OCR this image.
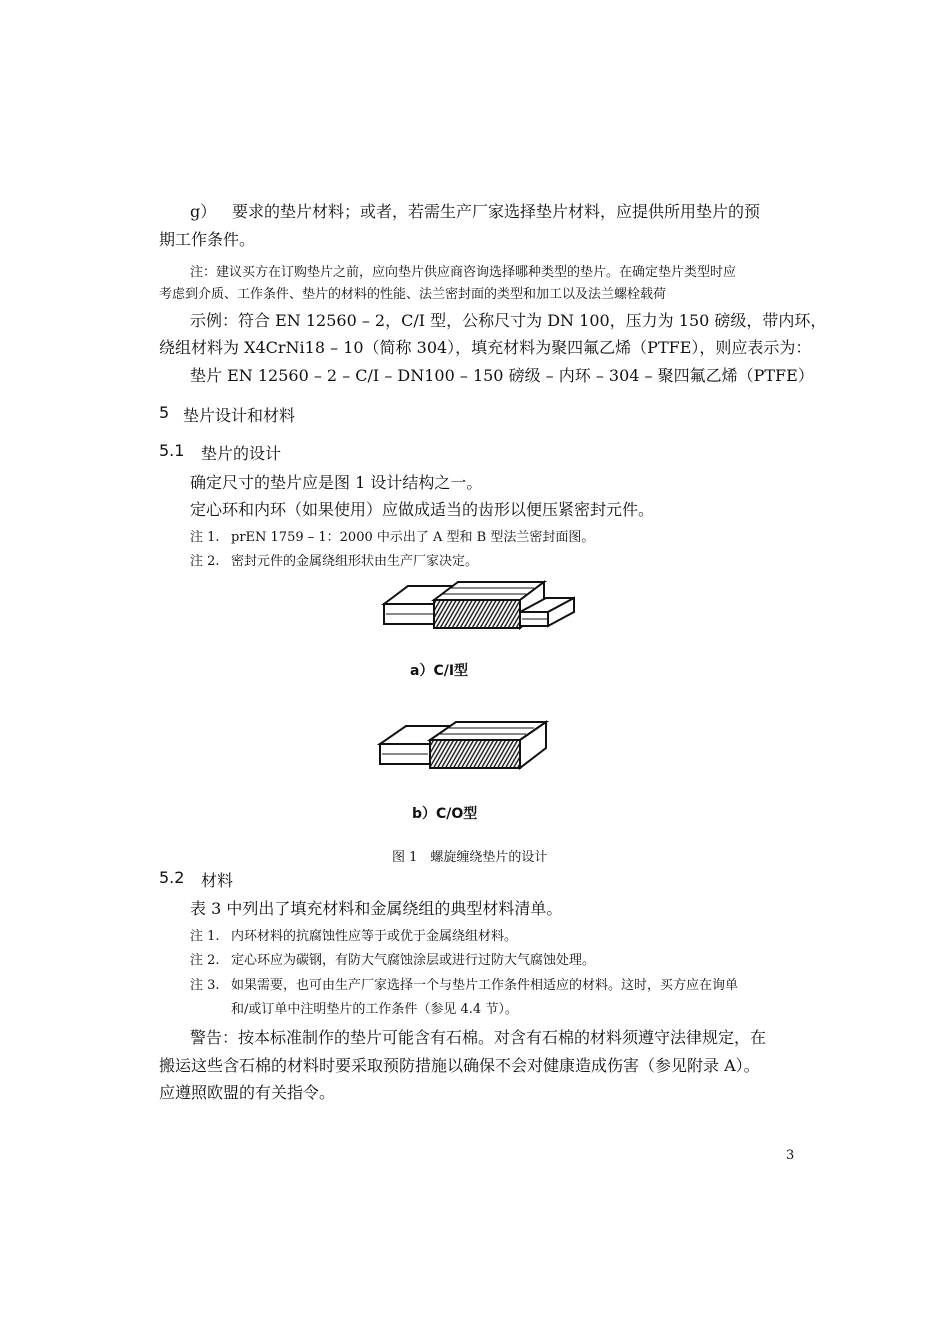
g） 要求的垫片材料；或者，若需生产厂家选择垫片材料，应提供所用垫片的预
期工作条件。
注：建议买方在订购垫片之前，应向垫片供应商咨询选择哪种类型的垫片。在确定垫片类型时应
考虑到介质、工作条件、垫片的材料的性能、法兰密封面的类型和加工以及法兰螺栓载荷
示例：符合 EN 12560 – 2，C/I 型，公称尺寸为 DN 100，压力为 150 磅级，带内环，
绕组材料为 X4CrNi18 – 10（简称 304），填充材料为聚四氟乙烯（PTFE），则应表示为：
垫片 EN 12560 – 2 – C/I – DN100 – 150 磅级 – 内环 – 304 – 聚四氟乙烯（PTFE）
5 垫片设计和材料
5.1 垫片的设计
确定尺寸的垫片应是图 1 设计结构之一。
定心环和内环（如果使用）应做成适当的齿形以便压紧密封元件。
注 1. prEN 1759 – 1：2000 中示出了 A 型和 B 型法兰密封面图。
注 2. 密封元件的金属绕组形状由生产厂家决定。
a）C/I型
b）C/O型
图 1　螺旋缠绕垫片的设计
5.2 材料
表 3 中列出了填充材料和金属绕组的典型材料清单。
注 1. 内环材料的抗腐蚀性应等于或优于金属绕组材料。
注 2. 定心环应为碳钢，有防大气腐蚀涂层或进行过防大气腐蚀处理。
注 3. 如果需要，也可由生产厂家选择一个与垫片工作条件相适应的材料。这时，买方应在询单
和/或订单中注明垫片的工作条件（参见 4.4 节）。
警告：按本标准制作的垫片可能含有石棉。对含有石棉的材料须遵守法律规定，在
搬运这些含石棉的材料时要采取预防措施以确保不会对健康造成伤害（参见附录 A）。
应遵照欧盟的有关指令。
3
